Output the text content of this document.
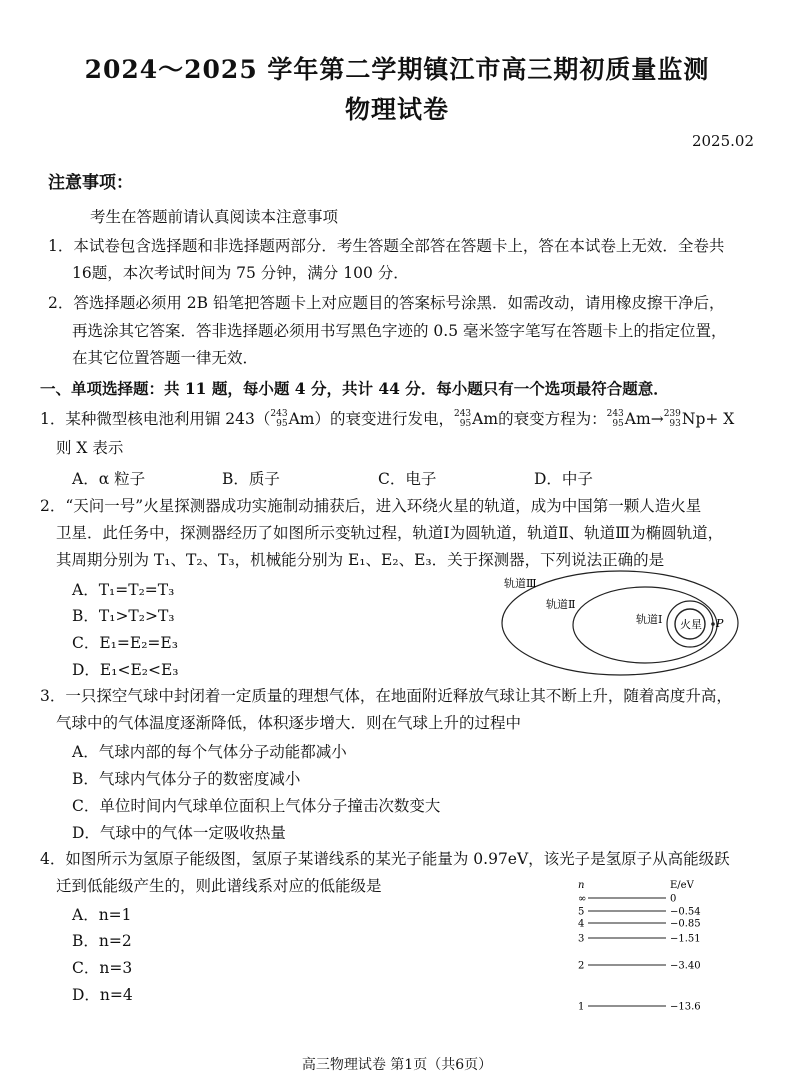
2024～2025 学年第二学期镇江市高三期初质量监测
物理试卷
2025.02
注意事项：
考生在答题前请认真阅读本注意事项
1．本试卷包含选择题和非选择题两部分．考生答题全部答在答题卡上，答在本试卷上无效．全卷共
16题，本次考试时间为 75 分钟，满分 100 分．
2．答选择题必须用 2B 铅笔把答题卡上对应题目的答案标号涂黑．如需改动，请用橡皮擦干净后，
再选涂其它答案．答非选择题必须用书写黑色字迹的 0.5 毫米签字笔写在答题卡上的指定位置，
在其它位置答题一律无效．
一、单项选择题：共 11 题，每小题 4 分，共计 44 分．每小题只有一个选项最符合题意．
1．某种微型核电池利用镅 243（ 243
95 Am ）的衰变进行发电， 243
95 Am 的衰变方程为： 243
95 Am → 239
93 Np + X
则 X 表示
A．α 粒子	B．质子	C．电子	D．中子
2．“天问一号”火星探测器成功实施制动捕获后，进入环绕火星的轨道，成为中国第一颗人造火星
卫星．此任务中，探测器经历了如图所示变轨过程，轨道Ⅰ为圆轨道，轨道Ⅱ、轨道Ⅲ为椭圆轨道，
其周期分别为 T₁、T₂、T₃，机械能分别为 E₁、E₂、E₃．关于探测器，下列说法正确的是
A．T₁=T₂=T₃
B．T₁>T₂>T₃
C．E₁=E₂=E₃
D．E₁<E₂<E₃
火星
轨道Ⅲ
轨道Ⅱ
轨道Ⅰ	P
3．一只探空气球中封闭着一定质量的理想气体，在地面附近释放气球让其不断上升，随着高度升高，
气球中的气体温度逐渐降低，体积逐步增大．则在气球上升的过程中
A．气球内部的每个气体分子动能都减小
B．气球内气体分子的数密度减小
C．单位时间内气球单位面积上气体分子撞击次数变大
D．气球中的气体一定吸收热量
4．如图所示为氢原子能级图，氢原子某谱线系的某光子能量为 0.97eV，该光子是氢原子从高能级跃
迁到低能级产生的，则此谱线系对应的低能级是
A．n=1
B．n=2
C．n=3
D．n=4
n	E/eV
∞	0
5	−0.54
4	−0.85
3	−1.51
2	−3.40
1	−13.6
高三物理试卷 第1页（共6页）
